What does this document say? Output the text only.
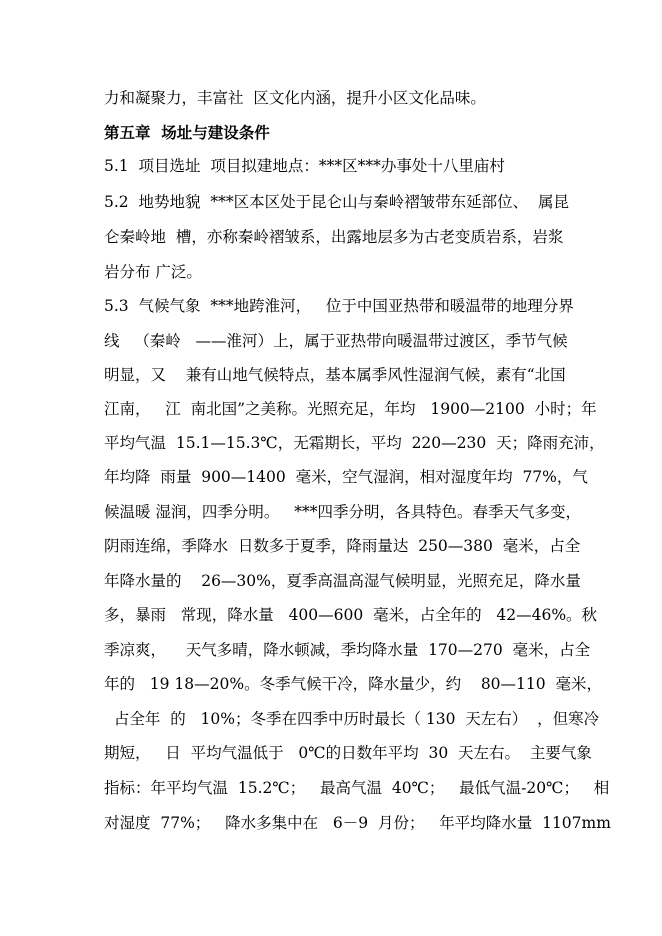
力和凝聚力，丰富社  区文化内涵，提升小区文化品味。
第五章  场址与建设条件
5.1  项目选址  项目拟建地点：***区***办事处十八里庙村
5.2  地势地貌  ***区本区处于昆仑山与秦岭褶皱带东延部位、  属昆
仑秦岭地  槽，亦称秦岭褶皱系，出露地层多为古老变质岩系，岩浆
岩分布 广泛。
5.3  气候气象  ***地跨淮河，   位于中国亚热带和暖温带的地理分界
线   （秦岭   ——淮河）上，属于亚热带向暖温带过渡区，季节气候
明显，又    兼有山地气候特点，基本属季风性湿润气候，素有“北国
江南，   江  南北国”之美称。光照充足，年均   1900—2100  小时；年
平均气温  15.1—15.3℃，无霜期长，平均  220—230  天；降雨充沛，
年均降  雨量  900—1400  毫米，空气湿润，相对湿度年均  77%，气
候温暖 湿润，四季分明。   ***四季分明，各具特色。春季天气多变，
阴雨连绵，季降水  日数多于夏季，降雨量达  250—380  毫米，占全
年降水量的    26—30%，夏季高温高湿气候明显，光照充足，降水量
多，暴雨   常现，降水量   400—600  毫米，占全年的   42—46%。秋
季凉爽，    天气多晴，降水顿减，季均降水量  170—270  毫米，占全
年的   19 18—20%。冬季气候干冷，降水量少，约    80—110  毫米，
占全年  的   10%；冬季在四季中历时最长（ 130  天左右）  ，但寒冷
期短，   日  平均气温低于   0℃的日数年平均  30  天左右。  主要气象
指标：年平均气温  15.2℃；   最高气温  40℃；   最低气温-20℃；   相
对湿度  77%；   降水多集中在   6－9  月份；   年平均降水量  1107mm
